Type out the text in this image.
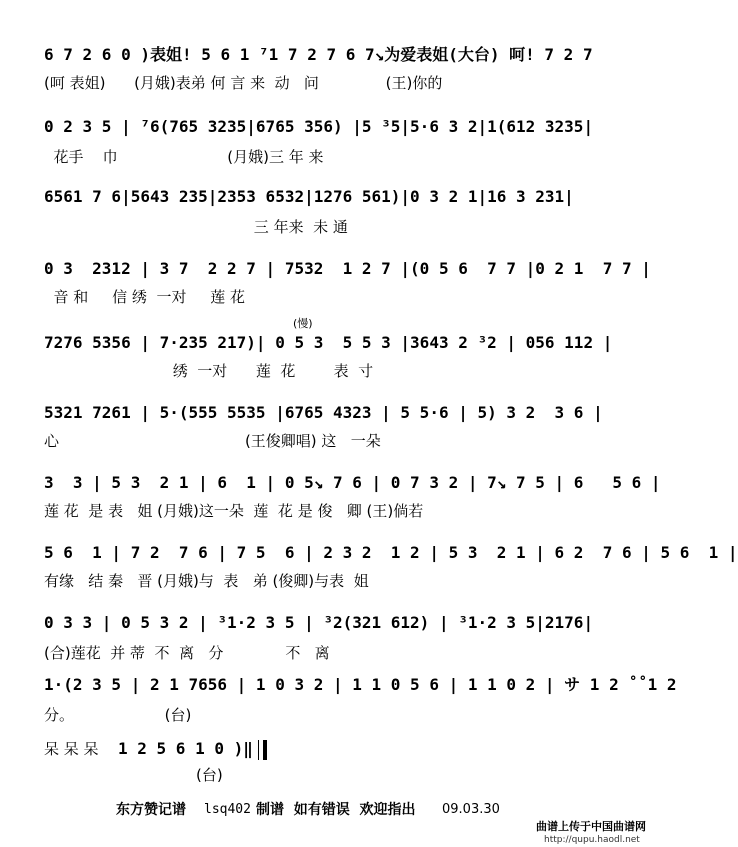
6 7 2 6 0 )表姐! 5 6 1 ⁷1 7 2 7 6 7↘为爱表姐(大台) 呵! 7 2 7
(呵 表姐)      (月娥)表弟 何 言 来  动   问              (王)你的
0 2 3 5 | ⁷6(765 3235|6765 356) |5 ³5|5·6 3 2|1(612 3235|
花手    巾                       (月娥)三 年 来
6561 7 6|5643 235|2353 6532|1276 561)|0 3 2 1|16 3 231|
三 年来  未 通
0 3  2312 | 3 7  2 2 7 | 7532  1 2 7 |(0 5 6  7 7 |0 2 1  7 7 |
音 和     信 绣  一对     莲 花
(慢)
7276 5356 | 7·235 217)| 0 5 3  5 5 3 |3643 2 ³2 | 056 112 |
绣  一对      莲  花        表  寸
5321 7261 | 5·(555 5535 |6765 4323 | 5 5·6 | 5) 3 2  3 6 |
心                                       (王俊卿唱) 这   一朵
3  3 | 5 3  2 1 | 6  1 | 0 5↘ 7 6 | 0 7 3 2 | 7↘ 7 5 | 6   5 6 |
莲 花  是 表   姐 (月娥)这一朵  莲  花 是 俊   卿 (王)倘若
5 6  1 | 7 2  7 6 | 7 5  6 | 2 3 2  1 2 | 5 3  2 1 | 6 2  7 6 | 5 6  1 |
有缘   结 秦   晋 (月娥)与  表   弟 (俊卿)与表  姐
0 3 3 | 0 5 3 2 | ³1·2 3 5 | ³2(321 612) | ³1·2 3 5|2176|
(合)莲花  并 蒂  不  离   分             不   离
1·(2 3 5 | 2 1 7656 | 1 0 3 2 | 1 1 0 5 6 | 1 1 0 2 | サ 1 2 ̊ ̊ 1 2
分。                   (台)
呆 呆 呆 1 2 5 6 1 0 )‖
(台)
东方赞记谱 lsq402 制谱  如有错误  欢迎指出 09.03.30
曲谱上传于中国曲谱网
http://qupu.haodl.net
